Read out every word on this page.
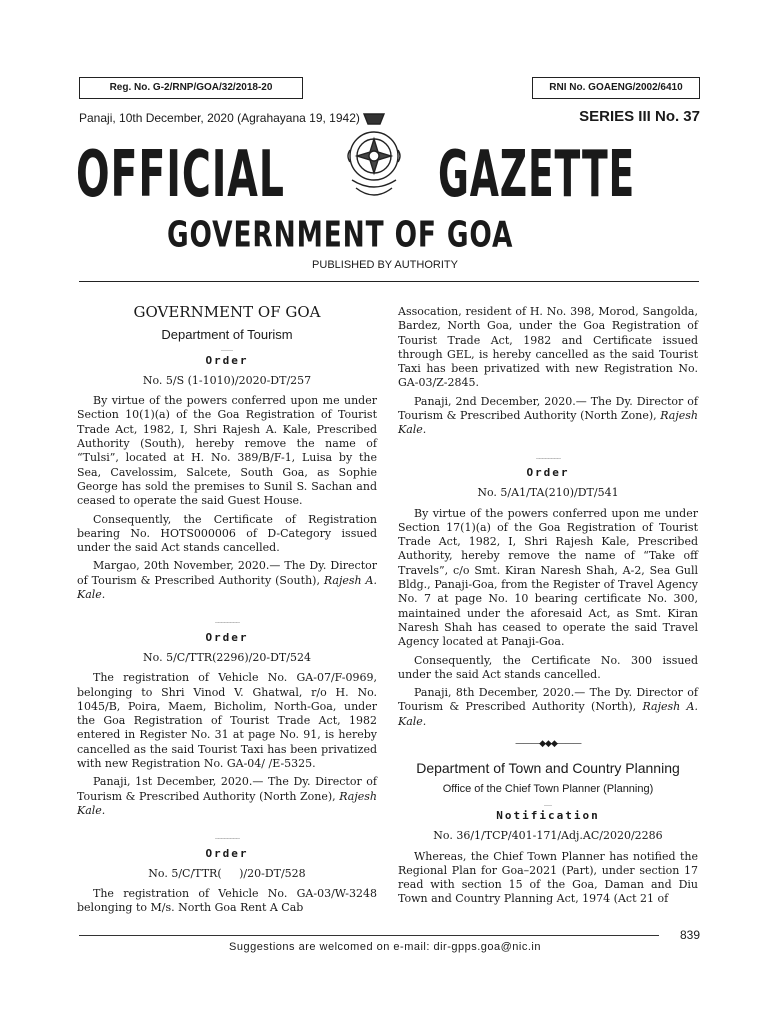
Reg. No. G-2/RNP/GOA/32/2018-20	RNI No. GOAENG/2002/6410
Panaji, 10th December, 2020 (Agrahayana 19, 1942)	SERIES III No. 37
OFFICIAL	GAZETTE
GOVERNMENT OF GOA
PUBLISHED BY AUTHORITY
GOVERNMENT OF GOA
Department of Tourism
___
Order
No. 5/S (1-1010)/2020-DT/257

By virtue of the powers conferred upon me under Section 10(1)(a) of the Goa Registration of Tourist Trade Act, 1982, I, Shri Rajesh A. Kale, Prescribed Authority (South), hereby remove the name of “Tulsi”, located at H. No. 389/B/F-1, Luisa by the Sea, Cavelossim, Salcete, South Goa, as Sophie George has sold the premises to Sunil S. Sachan and ceased to operate the said Guest House.

Consequently, the Certificate of Registration bearing No. HOTS000006 of D-Category issued under the said Act stands cancelled.

Margao, 20th November, 2020.— The Dy. Director of Tourism & Prescribed Authority (South), Rajesh A. Kale.

________
Order
No. 5/C/TTR(2296)/20-DT/524

The registration of Vehicle No. GA-07/F-0969, belonging to Shri Vinod V. Ghatwal, r/o H. No. 1045/B, Poira, Maem, Bicholim, North-Goa, under the Goa Registration of Tourist Trade Act, 1982 entered in Register No. 31 at page No. 91, is hereby cancelled as the said Tourist Taxi has been privatized with new Registration No. GA-04/ /E-5325.

Panaji, 1st December, 2020.— The Dy. Director of Tourism & Prescribed Authority (North Zone), Rajesh Kale.

________
Order
No. 5/C/TTR(     )/20-DT/528

The registration of Vehicle No. GA-03/W-3248 belonging to M/s. North Goa Rent A Cab

Assocation, resident of H. No. 398, Morod, Sangolda, Bardez, North Goa, under the Goa Registration of Tourist Trade Act, 1982 and Certificate issued through GEL, is hereby cancelled as the said Tourist Taxi has been privatized with new Registration No. GA-03/Z-2845.

Panaji, 2nd December, 2020.— The Dy. Director of Tourism & Prescribed Authority (North Zone), Rajesh Kale.

________
Order
No. 5/A1/TA(210)/DT/541

By virtue of the powers conferred upon me under Section 17(1)(a) of the Goa Registration of Tourist Trade Act, 1982, I, Shri Rajesh Kale, Prescribed Authority, hereby remove the name of “Take off Travels”, c/o Smt. Kiran Naresh Shah, A-2, Sea Gull Bldg., Panaji-Goa, from the Register of Travel Agency No. 7 at page No. 10 bearing certificate No. 300, maintained under the aforesaid Act, as Smt. Kiran Naresh Shah has ceased to operate the said Travel Agency located at Panaji-Goa.

Consequently, the Certificate No. 300 issued under the said Act stands cancelled.

Panaji, 8th December, 2020.— The Dy. Director of Tourism & Prescribed Authority (North), Rajesh A. Kale.

———◆◆◆———
Department of Town and Country Planning
Office of the Chief Town Planner (Planning)
__
Notification
No. 36/1/TCP/401-171/Adj.AC/2020/2286

Whereas, the Chief Town Planner has notified the Regional Plan for Goa–2021 (Part), under section 17 read with section 15 of the Goa, Daman and Diu Town and Country Planning Act, 1974 (Act 21 of

839
Suggestions are welcomed on e-mail: dir-gpps.goa@nic.in
